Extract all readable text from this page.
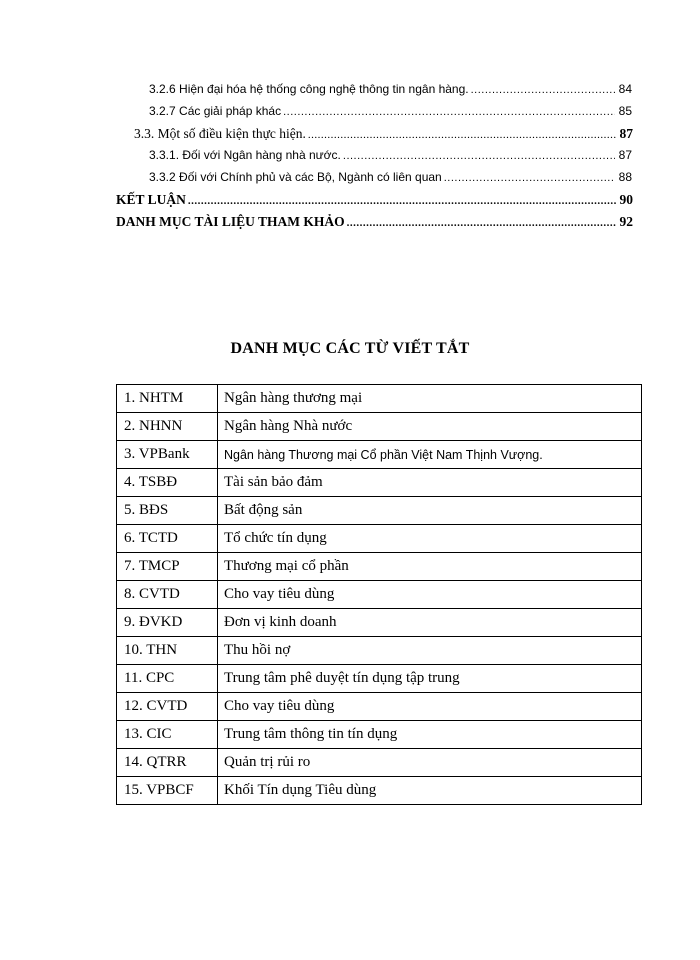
3.2.6 Hiện đại hóa hệ thống công nghệ thông tin ngân hàng. .....	84
3.2.7 Các giải pháp khác .....	85
3.3. Một số điều kiện thực hiện. .....	87
3.3.1. Đối với Ngân hàng nhà nước. .....	87
3.3.2 Đối với Chính phủ và các Bộ, Ngành có liên quan .....	88
KẾT LUẬN .....	90
DANH MỤC TÀI LIỆU THAM KHẢO .....	92
DANH MỤC CÁC TỪ VIẾT TẮT
1. NHTM	Ngân hàng thương mại
2. NHNN	Ngân hàng Nhà nước
3. VPBank	Ngân hàng Thương mại Cổ phần Việt Nam Thịnh Vượng.
4. TSBĐ	Tài sản bảo đảm
5. BĐS	Bất động sản
6. TCTD	Tổ chức tín dụng
7. TMCP	Thương mại cổ phần
8. CVTD	Cho vay tiêu dùng
9. ĐVKD	Đơn vị kinh doanh
10. THN	Thu hồi nợ
11. CPC	Trung tâm phê duyệt tín dụng tập trung
12. CVTD	Cho vay tiêu dùng
13. CIC	Trung tâm thông tin tín dụng
14. QTRR	Quản trị rủi ro
15. VPBCF	Khối Tín dụng Tiêu dùng
